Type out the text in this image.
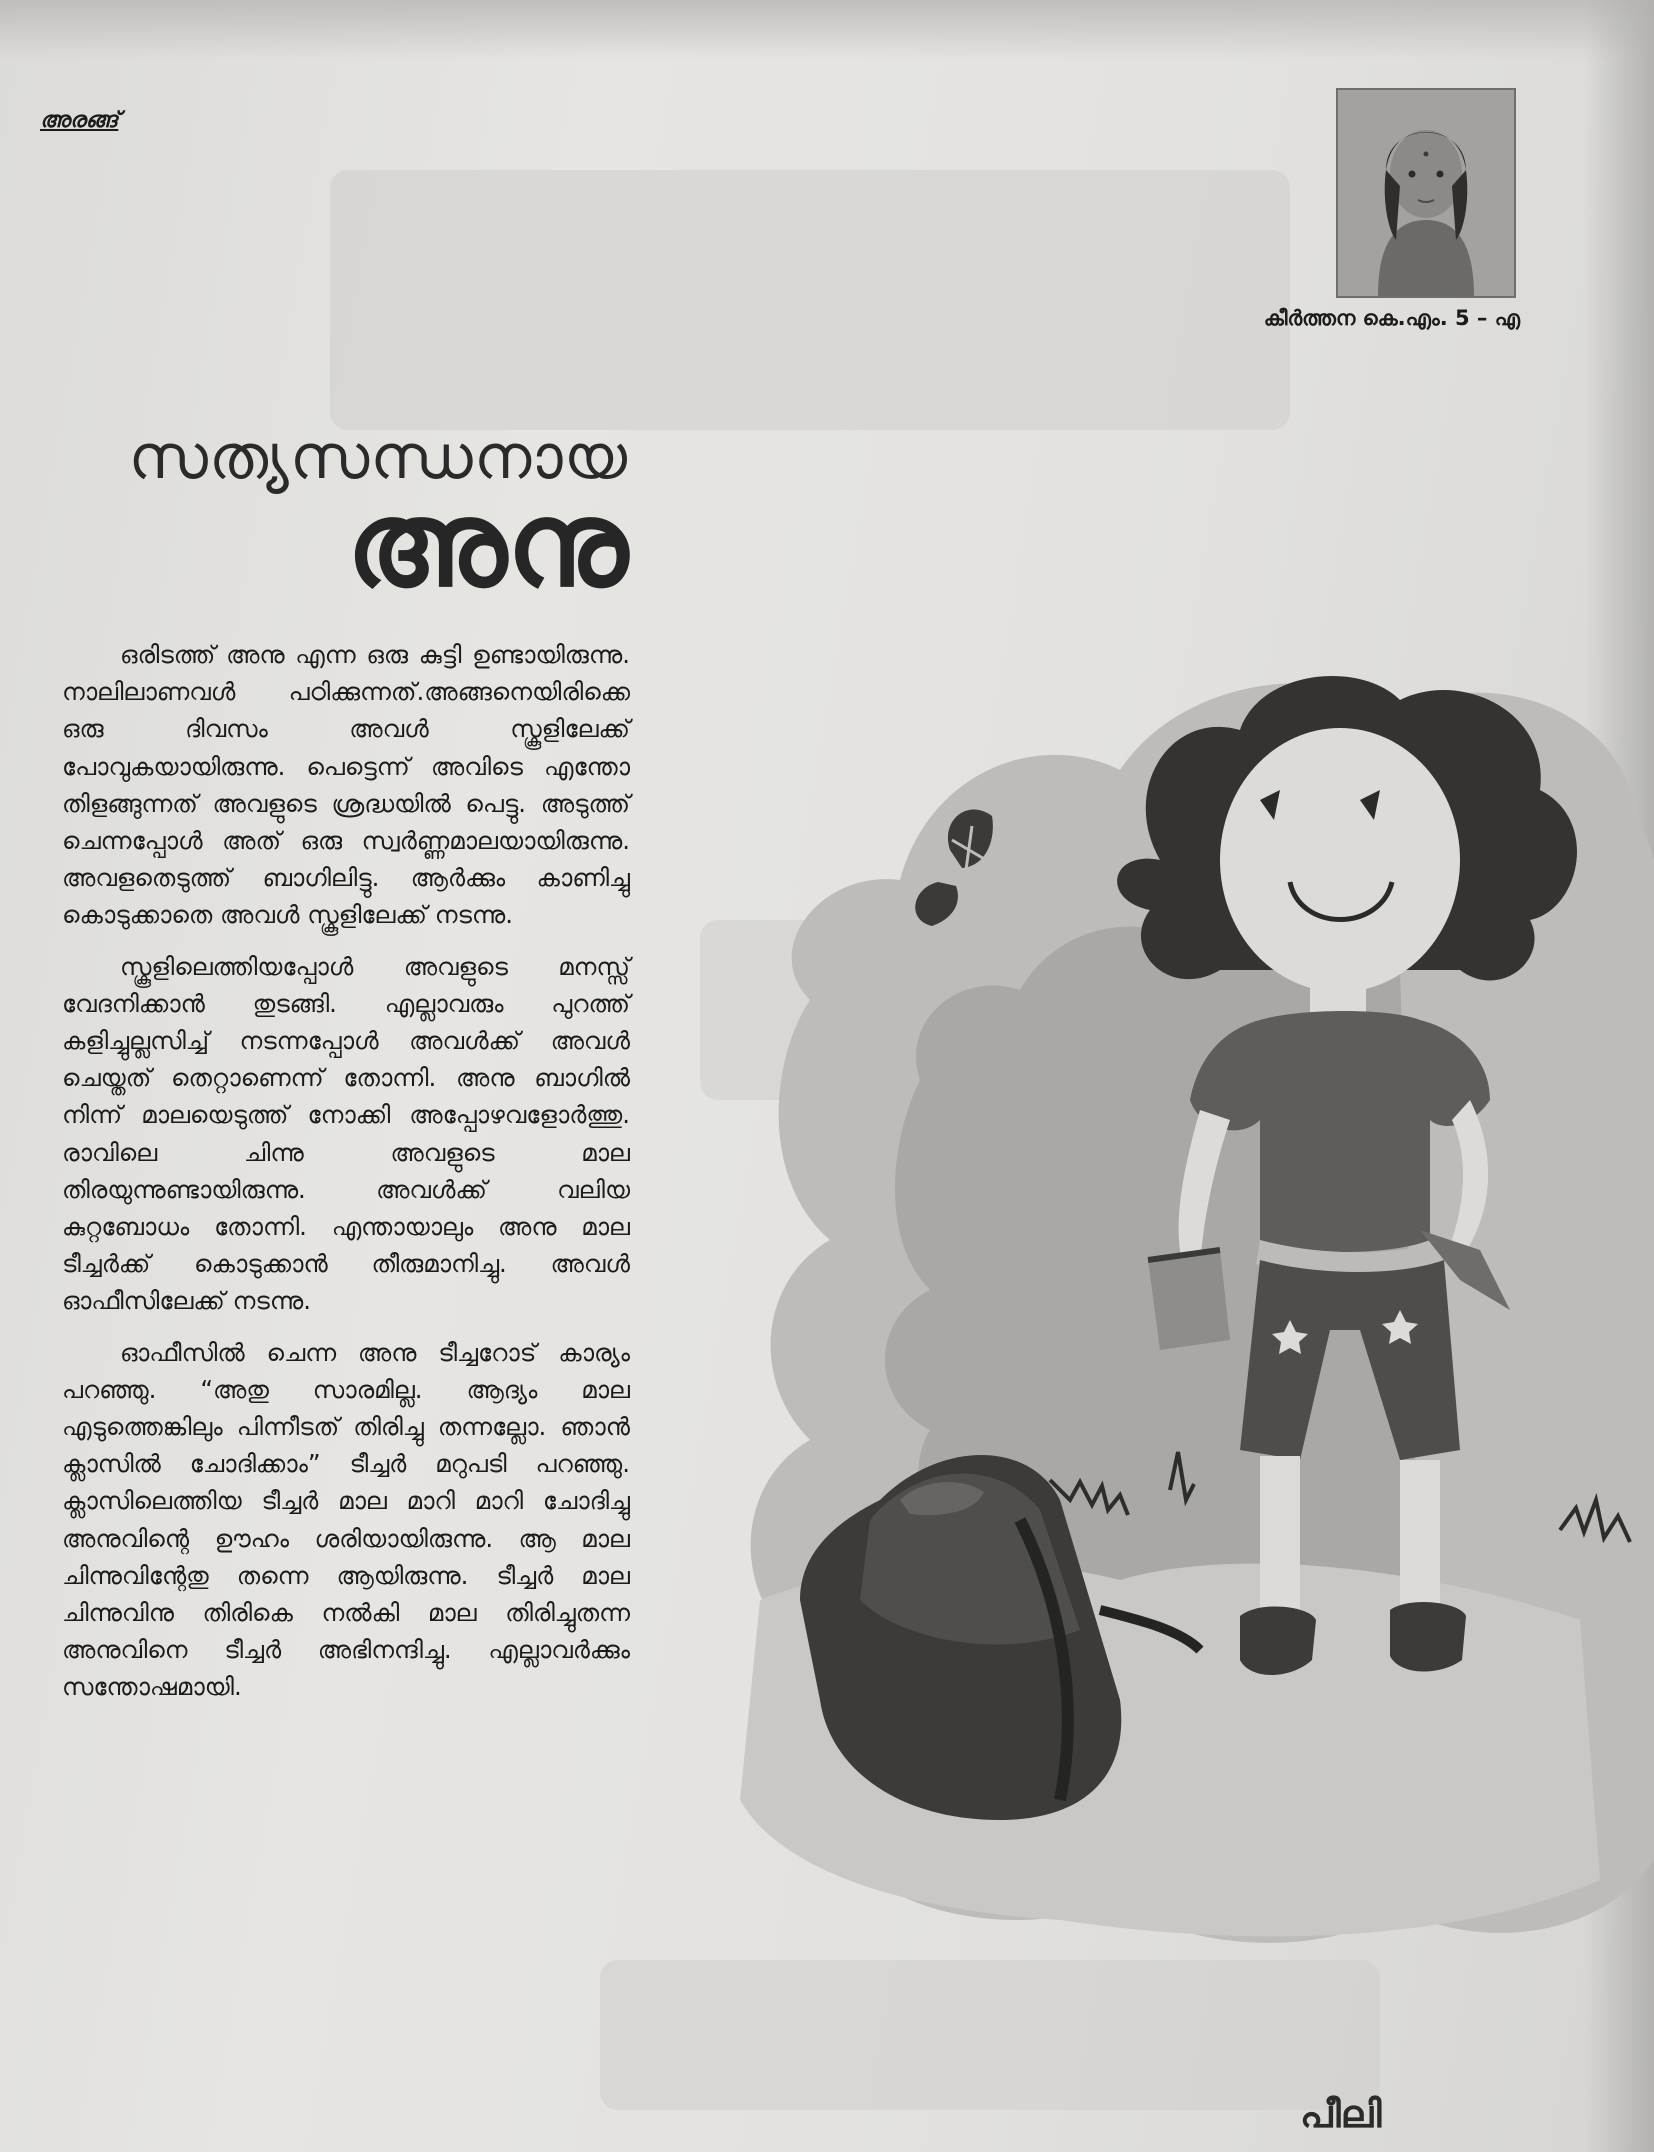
അരങ്ങ്
കീർത്തന കെ.എം. 5 – എ
സത്യസന്ധനായ
അനു

ഒരിടത്ത് അനു എന്ന ഒരു കുട്ടി ഉണ്ടായിരുന്നു. നാലിലാണവൾ പഠിക്കുന്നത്.അങ്ങനെയിരിക്കെ ഒരു ദിവസം അവൾ സ്കൂളിലേക്ക് പോവുകയായിരുന്നു. പെട്ടെന്ന് അവിടെ എന്തോ തിളങ്ങുന്നത് അവളുടെ ശ്രദ്ധയിൽ പെട്ടു. അടുത്ത് ചെന്നപ്പോൾ അത് ഒരു സ്വർണ്ണമാലയായിരുന്നു. അവളതെടുത്ത് ബാഗിലിട്ടു. ആർക്കും കാണിച്ചു കൊടുക്കാതെ അവൾ സ്കൂളിലേക്ക് നടന്നു.

സ്കൂളിലെത്തിയപ്പോൾ അവളുടെ മനസ്സ് വേദനിക്കാൻ തുടങ്ങി. എല്ലാവരും പുറത്ത് കളിച്ചുല്ലസിച്ച് നടന്നപ്പോൾ അവൾക്ക് അവൾ ചെയ്തത് തെറ്റാണെന്ന് തോന്നി. അനു ബാഗിൽ നിന്ന് മാലയെടുത്ത് നോക്കി അപ്പോഴവളോർത്തു. രാവിലെ ചിന്നു അവളുടെ മാല തിരയുന്നുണ്ടായിരുന്നു. അവൾക്ക് വലിയ കുറ്റബോധം തോന്നി. എന്തായാലും അനു മാല ടീച്ചർക്ക് കൊടുക്കാൻ തീരുമാനിച്ചു. അവൾ ഓഫീസിലേക്ക് നടന്നു.

ഓഫീസിൽ ചെന്ന അനു ടീച്ചറോട് കാര്യം പറഞ്ഞു. “അതു സാരമില്ല. ആദ്യം മാല എടുത്തെങ്കിലും പിന്നീടത് തിരിച്ചു തന്നല്ലോ. ഞാൻ ക്ലാസിൽ ചോദിക്കാം” ടീച്ചർ മറുപടി പറഞ്ഞു. ക്ലാസിലെത്തിയ ടീച്ചർ മാല മാറി മാറി ചോദിച്ചു അനുവിന്റെ ഊഹം ശരിയായിരുന്നു. ആ മാല ചിന്നുവിന്റേതു തന്നെ ആയിരുന്നു. ടീച്ചർ മാല ചിന്നുവിനു തിരികെ നൽകി മാല തിരിച്ചുതന്ന അനുവിനെ ടീച്ചർ അഭിനന്ദിച്ചു. എല്ലാവർക്കും സന്തോഷമായി.

പീലി
